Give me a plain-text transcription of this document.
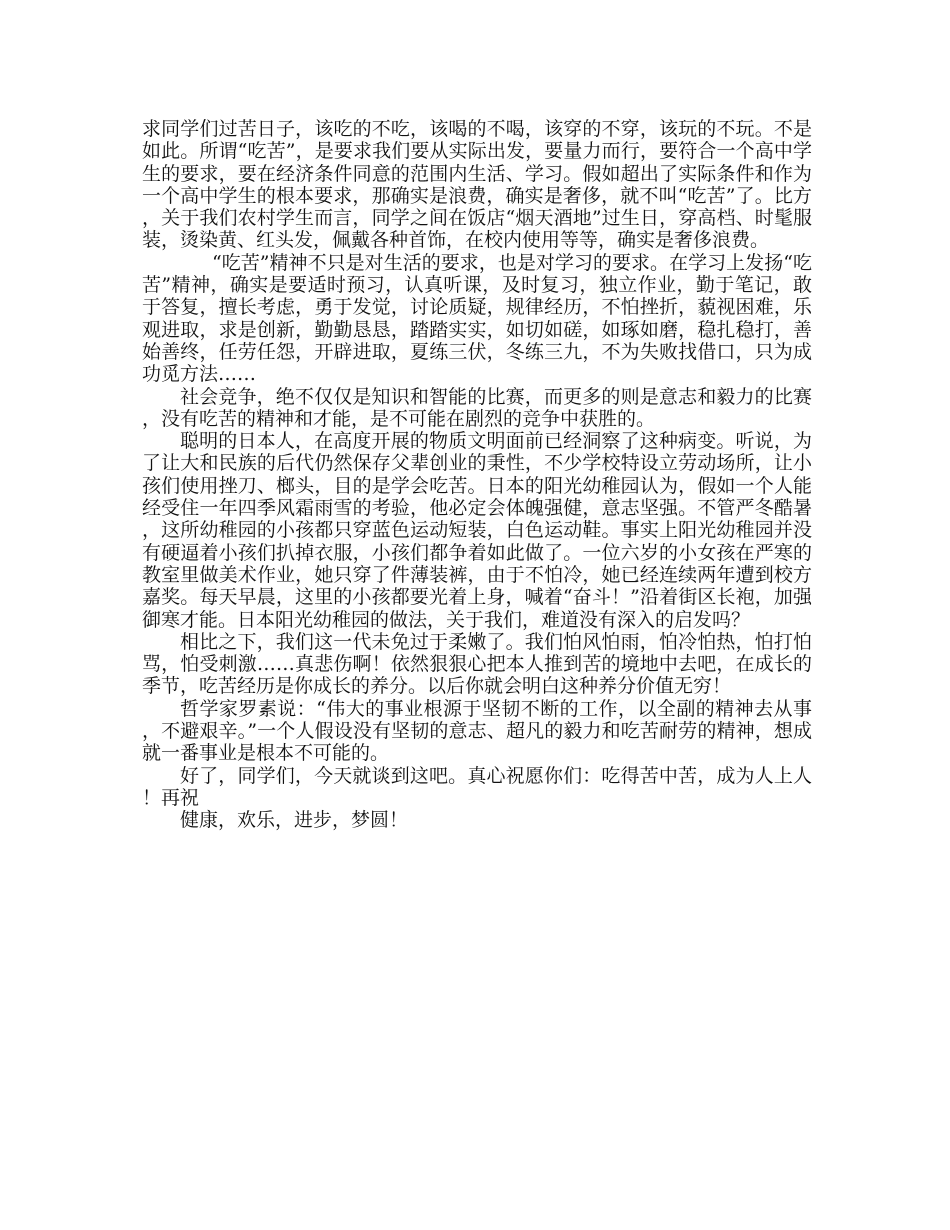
求同学们过苦日子，该吃的不吃，该喝的不喝，该穿的不穿，该玩的不玩。不是如此。所谓“吃苦”，是要求我们要从实际出发，要量力而行，要符合一个高中学生的要求，要在经济条件同意的范围内生活、学习。假如超出了实际条件和作为一个高中学生的根本要求，那确实是浪费，确实是奢侈，就不叫“吃苦”了。比方，关于我们农村学生而言，同学之间在饭店“烟天酒地”过生日，穿高档、时髦服装，烫染黄、红头发，佩戴各种首饰，在校内使用等等，确实是奢侈浪费。

“吃苦”精神不只是对生活的要求，也是对学习的要求。在学习上发扬“吃苦”精神，确实是要适时预习，认真听课，及时复习，独立作业，勤于笔记，敢于答复，擅长考虑，勇于发觉，讨论质疑，规律经历，不怕挫折，藐视困难，乐观进取，求是创新，勤勤恳恳，踏踏实实，如切如磋，如琢如磨，稳扎稳打，善始善终，任劳任怨，开辟进取，夏练三伏，冬练三九，不为失败找借口，只为成功觅方法……

社会竞争，绝不仅仅是知识和智能的比赛，而更多的则是意志和毅力的比赛，没有吃苦的精神和才能，是不可能在剧烈的竞争中获胜的。

聪明的日本人，在高度开展的物质文明面前已经洞察了这种病变。听说，为了让大和民族的后代仍然保存父辈创业的秉性，不少学校特设立劳动场所，让小孩们使用挫刀、榔头，目的是学会吃苦。日本的阳光幼稚园认为，假如一个人能经受住一年四季风霜雨雪的考验，他必定会体魄强健，意志坚强。不管严冬酷暑，这所幼稚园的小孩都只穿蓝色运动短装，白色运动鞋。事实上阳光幼稚园并没有硬逼着小孩们扒掉衣服，小孩们都争着如此做了。一位六岁的小女孩在严寒的教室里做美术作业，她只穿了件薄装裤，由于不怕冷，她已经连续两年遭到校方嘉奖。每天早晨，这里的小孩都要光着上身，喊着“奋斗！”沿着街区长袍，加强御寒才能。日本阳光幼稚园的做法，关于我们，难道没有深入的启发吗？

相比之下，我们这一代未免过于柔嫩了。我们怕风怕雨，怕冷怕热，怕打怕骂，怕受刺激……真悲伤啊！依然狠狠心把本人推到苦的境地中去吧，在成长的季节，吃苦经历是你成长的养分。以后你就会明白这种养分价值无穷！

哲学家罗素说：“伟大的事业根源于坚韧不断的工作，以全副的精神去从事，不避艰辛。”一个人假设没有坚韧的意志、超凡的毅力和吃苦耐劳的精神，想成就一番事业是根本不可能的。

好了，同学们，今天就谈到这吧。真心祝愿你们：吃得苦中苦，成为人上人！再祝

健康，欢乐，进步，梦圆！
